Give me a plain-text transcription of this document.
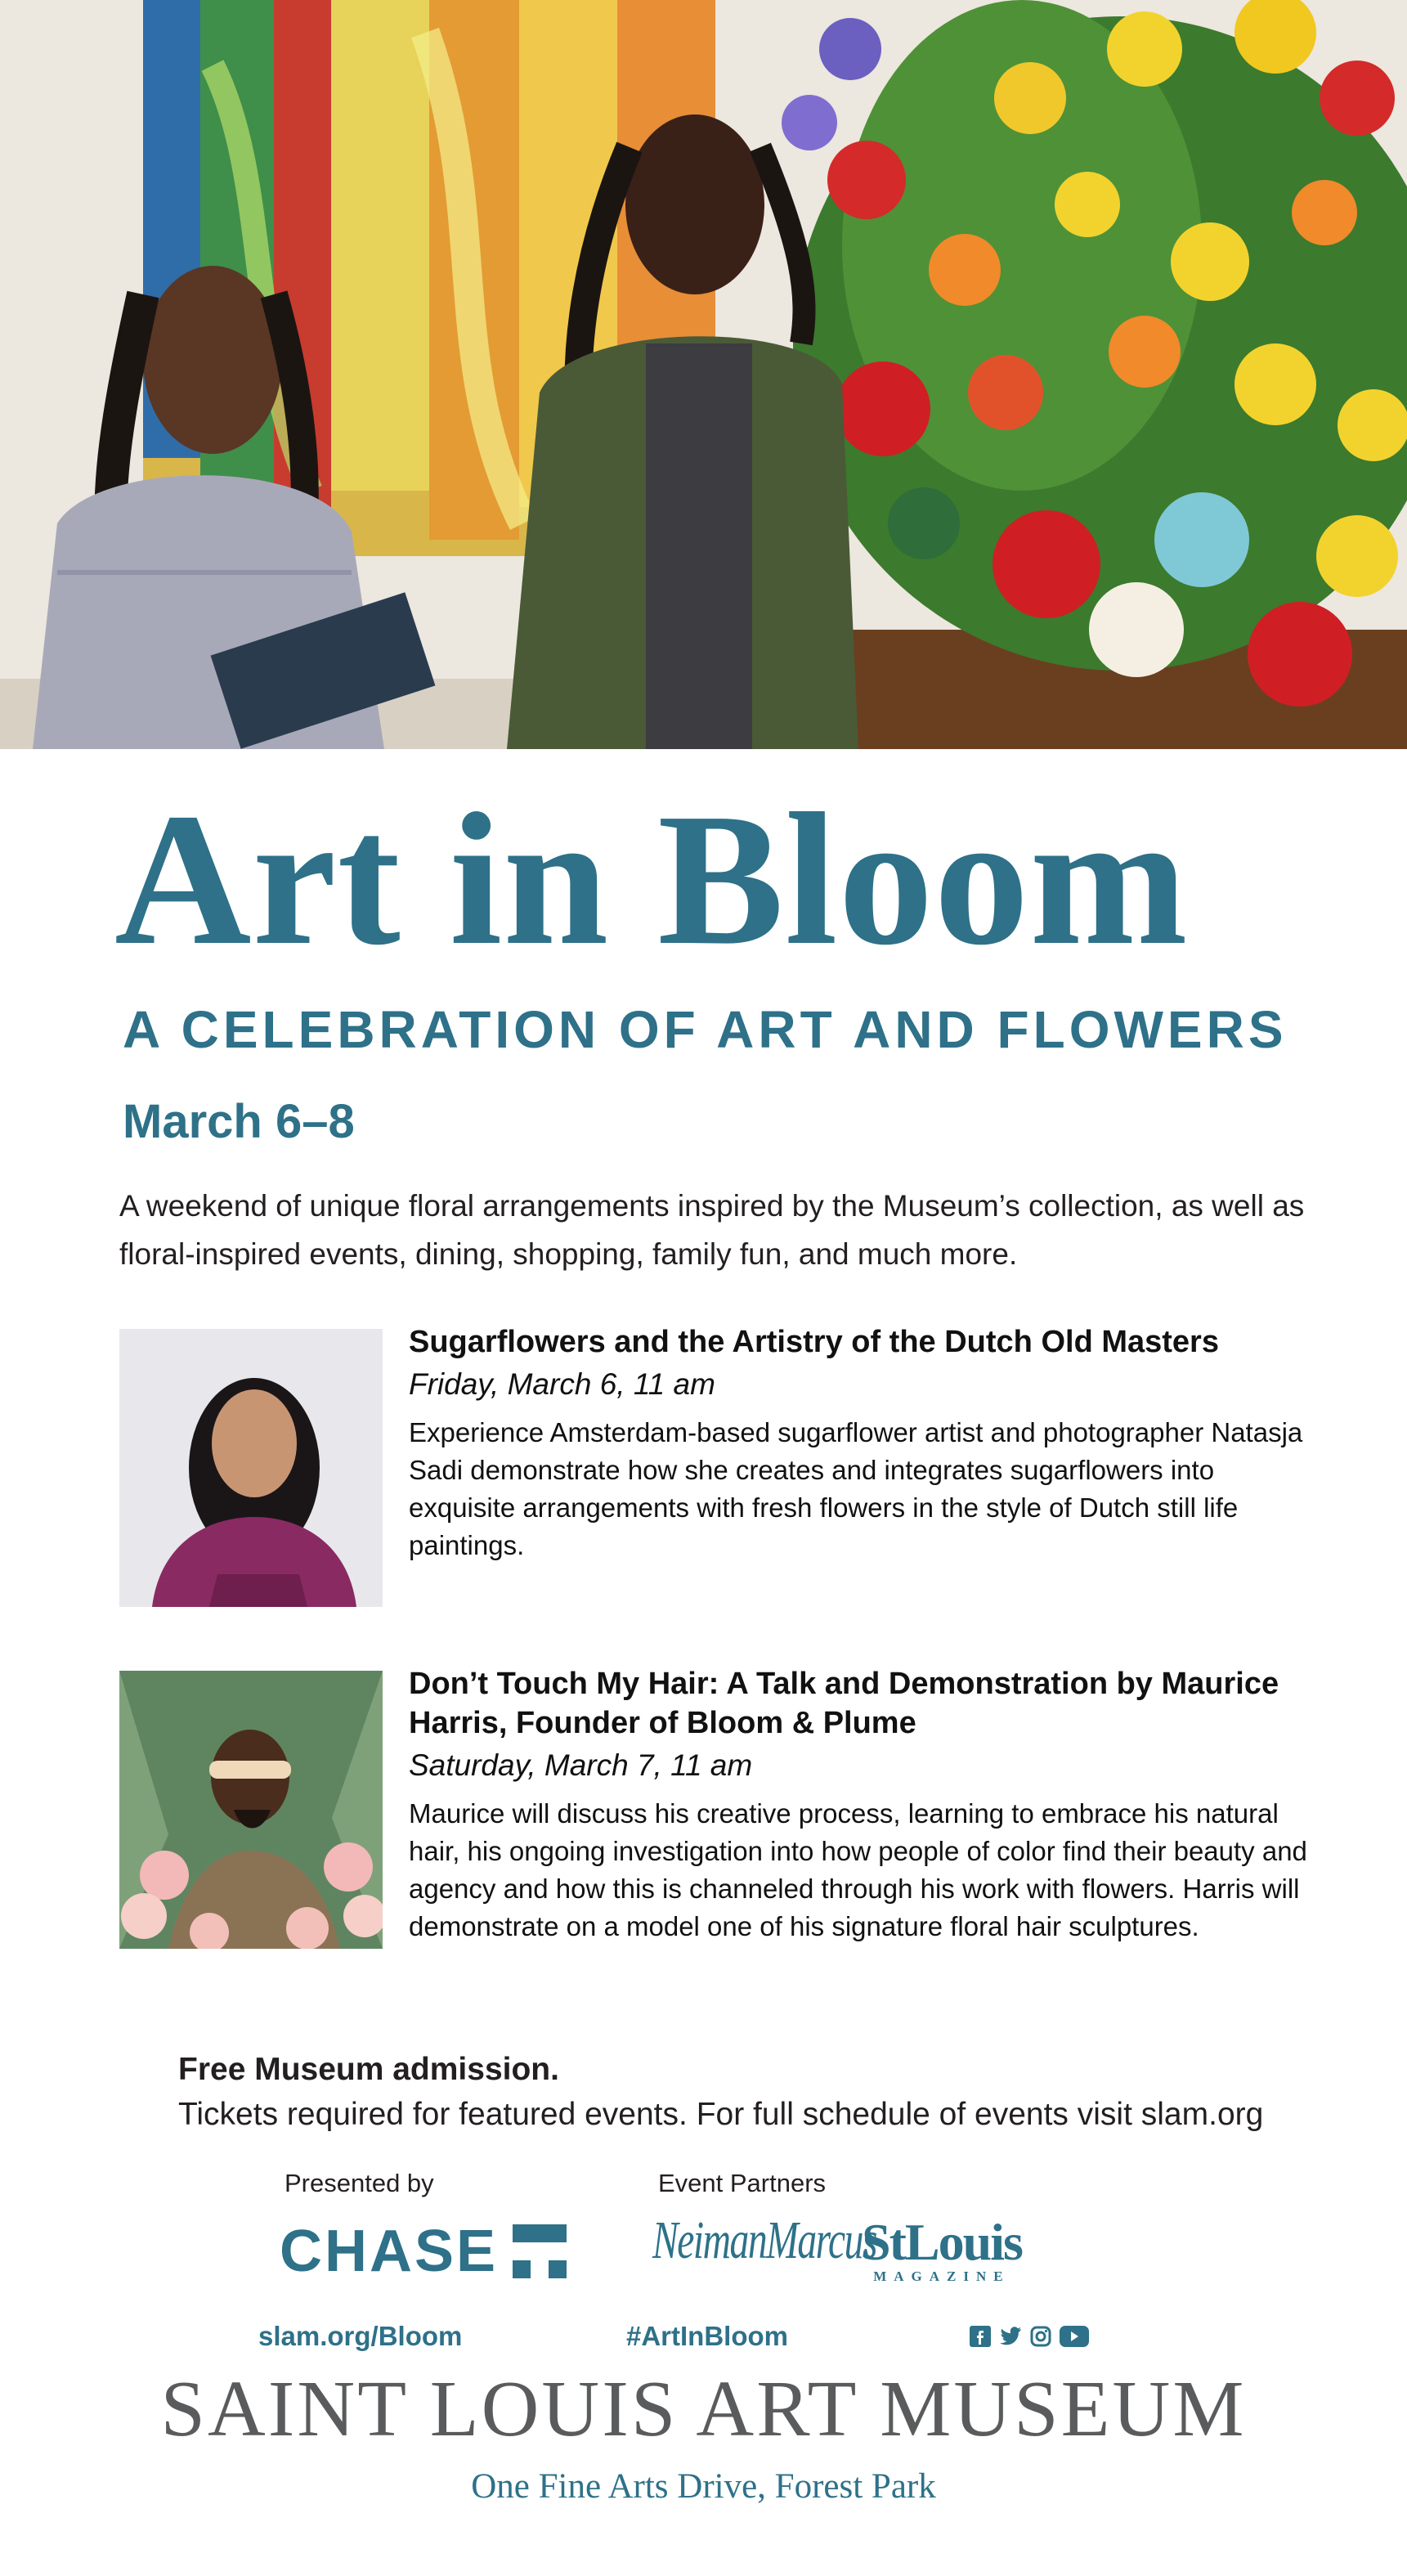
Art in Bloom
A CELEBRATION OF ART AND FLOWERS
March 6–8
A weekend of unique floral arrangements inspired by the Museum’s collection, as well as floral-inspired events, dining, shopping, family fun, and much more.
Sugarflowers and the Artistry of the Dutch Old Masters
Friday, March 6, 11 am
Experience Amsterdam-based sugarflower artist and photographer Natasja Sadi demonstrate how she creates and integrates sugarflowers into exquisite arrangements with fresh flowers in the style of Dutch still life paintings.
Don’t Touch My Hair: A Talk and Demonstration by Maurice Harris, Founder of Bloom & Plume
Saturday, March 7, 11 am
Maurice will discuss his creative process, learning to embrace his natural hair, his ongoing investigation into how people of color find their beauty and agency and how this is channeled through his work with flowers. Harris will demonstrate on a model one of his signature floral hair sculptures.
Free Museum admission.
Tickets required for featured events. For full schedule of events visit slam.org
Presented by	Event Partners
CHASE	NeimanMarcus
StLouis
MAGAZINE
slam.org/Bloom	#ArtInBloom
SAINT LOUIS ART MUSEUM
One Fine Arts Drive, Forest Park
